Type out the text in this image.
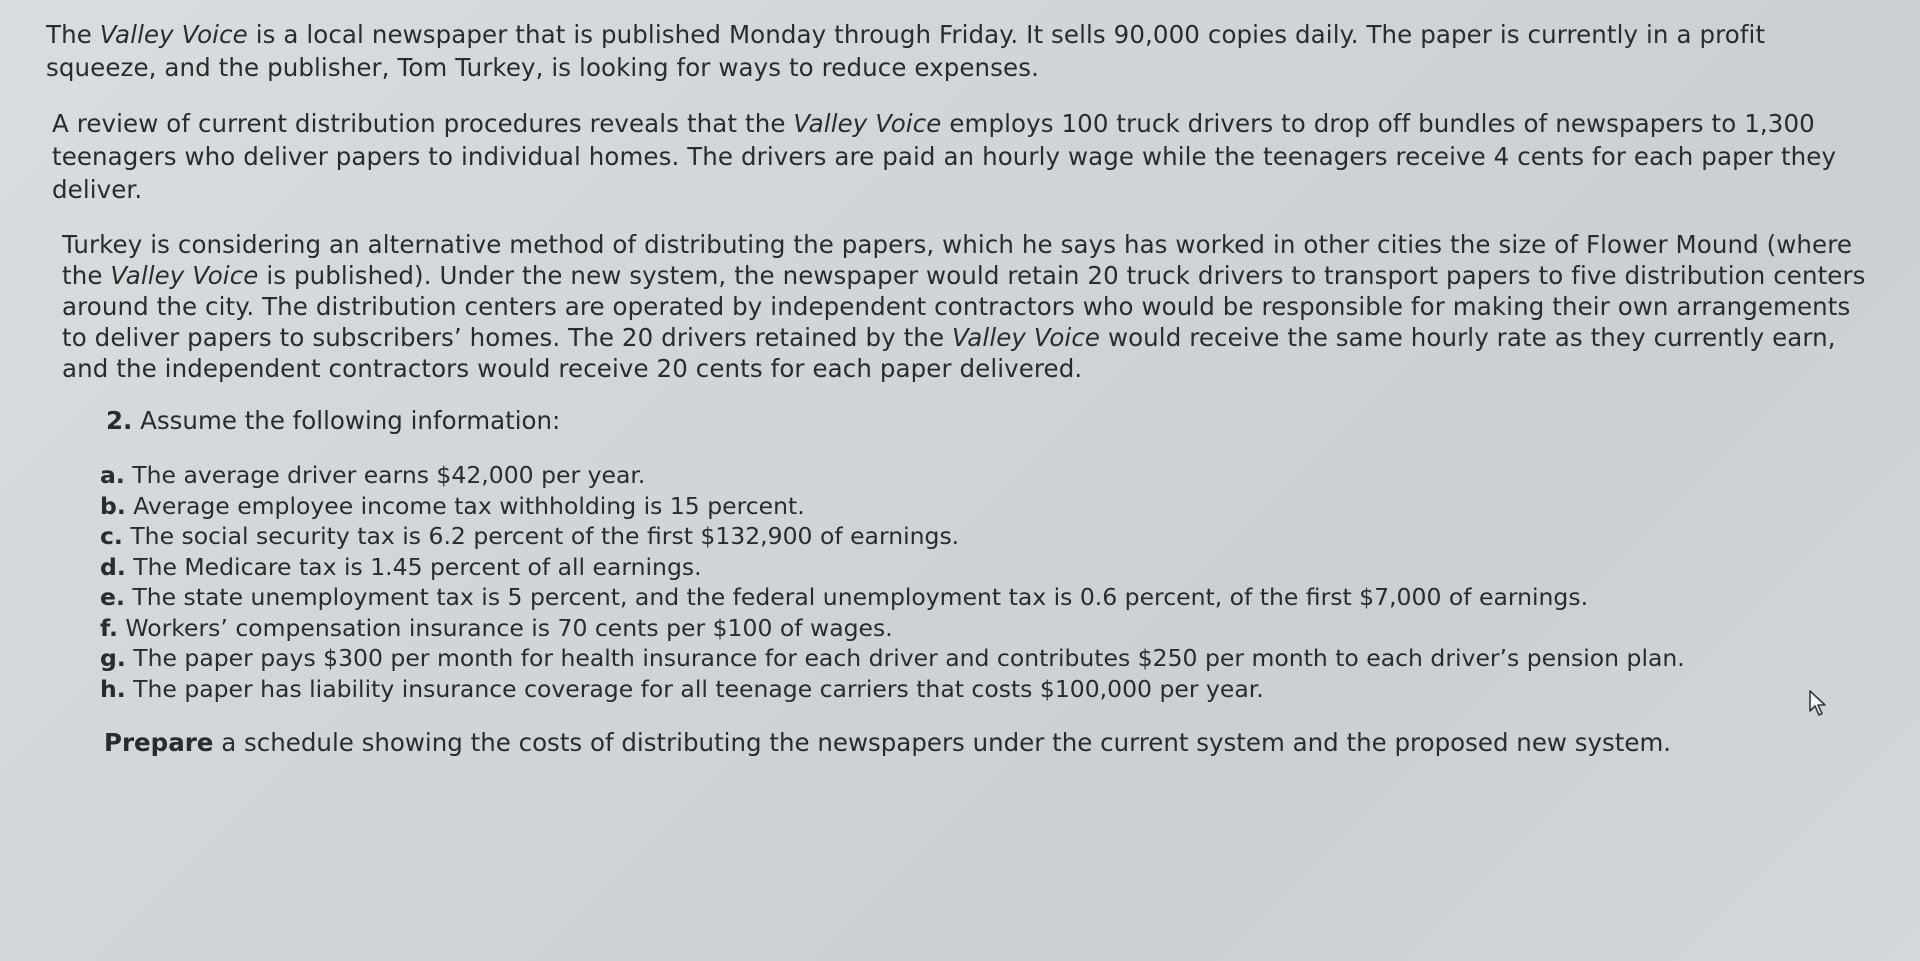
The Valley Voice is a local newspaper that is published Monday through Friday. It sells 90,000 copies daily. The paper is currently in a profit squeeze, and the publisher, Tom Turkey, is looking for ways to reduce expenses.

A review of current distribution procedures reveals that the Valley Voice employs 100 truck drivers to drop off bundles of newspapers to 1,300 teenagers who deliver papers to individual homes. The drivers are paid an hourly wage while the teenagers receive 4 cents for each paper they deliver.

Turkey is considering an alternative method of distributing the papers, which he says has worked in other cities the size of Flower Mound (where the Valley Voice is published). Under the new system, the newspaper would retain 20 truck drivers to transport papers to five distribution centers around the city. The distribution centers are operated by independent contractors who would be responsible for making their own arrangements to deliver papers to subscribers’ homes. The 20 drivers retained by the Valley Voice would receive the same hourly rate as they currently earn, and the independent contractors would receive 20 cents for each paper delivered.

2. Assume the following information:

a. The average driver earns $42,000 per year.
b. Average employee income tax withholding is 15 percent.
c. The social security tax is 6.2 percent of the first $132,900 of earnings.
d. The Medicare tax is 1.45 percent of all earnings.
e. The state unemployment tax is 5 percent, and the federal unemployment tax is 0.6 percent, of the first $7,000 of earnings.
f. Workers’ compensation insurance is 70 cents per $100 of wages.
g. The paper pays $300 per month for health insurance for each driver and contributes $250 per month to each driver’s pension plan.
h. The paper has liability insurance coverage for all teenage carriers that costs $100,000 per year.

Prepare a schedule showing the costs of distributing the newspapers under the current system and the proposed new system.
